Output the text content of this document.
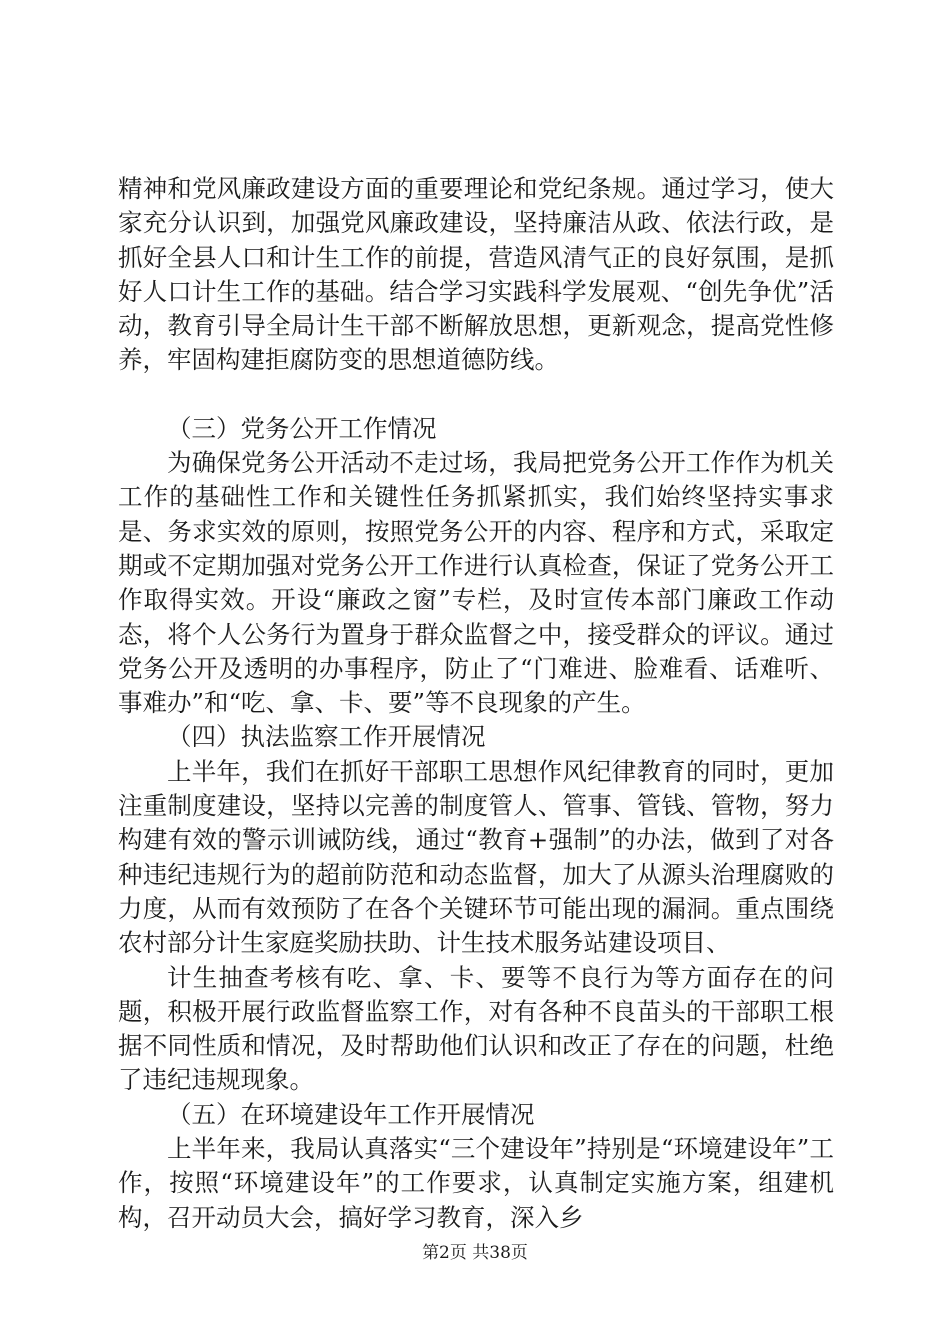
精神和党风廉政建设方面的重要理论和党纪条规。通过学习，使大家充分认识到，加强党风廉政建设，坚持廉洁从政、依法行政，是抓好全县人口和计生工作的前提，营造风清气正的良好氛围，是抓好人口计生工作的基础。结合学习实践科学发展观、“创先争优”活动，教育引导全局计生干部不断解放思想，更新观念，提高党性修养，牢固构建拒腐防变的思想道德防线。

（三）党务公开工作情况

为确保党务公开活动不走过场，我局把党务公开工作作为机关工作的基础性工作和关键性任务抓紧抓实，我们始终坚持实事求是、务求实效的原则，按照党务公开的内容、程序和方式，采取定期或不定期加强对党务公开工作进行认真检查，保证了党务公开工作取得实效。开设“廉政之窗”专栏，及时宣传本部门廉政工作动态，将个人公务行为置身于群众监督之中，接受群众的评议。通过党务公开及透明的办事程序，防止了“门难进、脸难看、话难听、事难办”和“吃、拿、卡、要”等不良现象的产生。

（四）执法监察工作开展情况

上半年，我们在抓好干部职工思想作风纪律教育的同时，更加注重制度建设，坚持以完善的制度管人、管事、管钱、管物，努力构建有效的警示训诫防线，通过“教育+强制”的办法，做到了对各种违纪违规行为的超前防范和动态监督，加大了从源头治理腐败的力度，从而有效预防了在各个关键环节可能出现的漏洞。重点围绕农村部分计生家庭奖励扶助、计生技术服务站建设项目、

计生抽查考核有吃、拿、卡、要等不良行为等方面存在的问题，积极开展行政监督监察工作，对有各种不良苗头的干部职工根据不同性质和情况，及时帮助他们认识和改正了存在的问题，杜绝了违纪违规现象。

（五）在环境建设年工作开展情况

上半年来，我局认真落实“三个建设年”持别是“环境建设年”工作，按照“环境建设年”的工作要求，认真制定实施方案，组建机构，召开动员大会，搞好学习教育，深入乡

第2页 共38页
